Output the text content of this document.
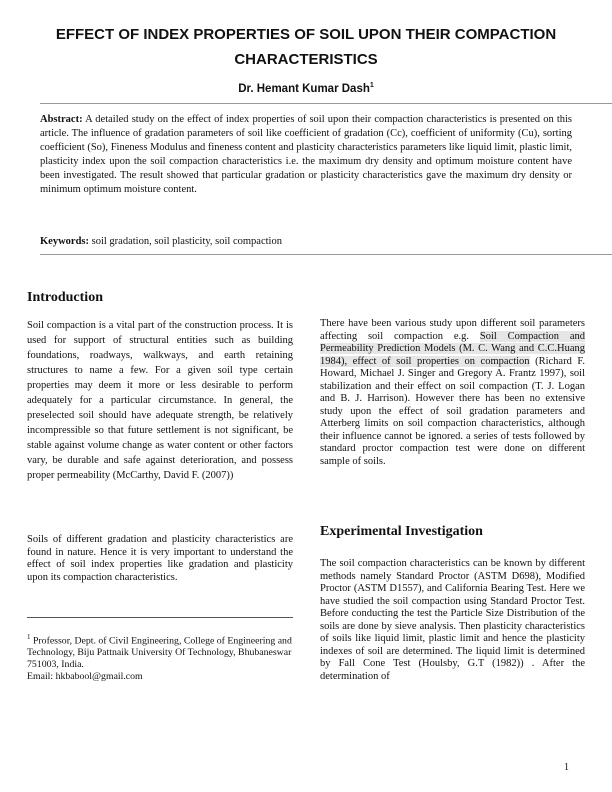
EFFECT OF INDEX PROPERTIES OF SOIL UPON THEIR COMPACTION CHARACTERISTICS
Dr. Hemant Kumar Dash$^1$
Abstract: A detailed study on the effect of index properties of soil upon their compaction characteristics is presented on this article. The influence of gradation parameters of soil like coefficient of gradation (Cc), coefficient of uniformity (Cu), sorting coefficient (So), Fineness Modulus and fineness content and plasticity characteristics parameters like liquid limit, plastic limit, plasticity index upon the soil compaction characteristics i.e. the maximum dry density and optimum moisture content have been investigated. The result showed that particular gradation or plasticity characteristics gave the maximum dry density or minimum optimum moisture content.
Keywords: soil gradation, soil plasticity, soil compaction
Introduction

Soil compaction is a vital part of the construction process. It is used for support of structural entities such as building foundations, roadways, walkways, and earth retaining structures to name a few. For a given soil type certain properties may deem it more or less desirable to perform adequately for a particular circumstance. In general, the preselected soil should have adequate strength, be relatively incompressible so that future settlement is not significant, be stable against volume change as water content or other factors vary, be durable and safe against deterioration, and possess proper permeability (McCarthy, David F. (2007))

Soils of different gradation and plasticity characteristics are found in nature. Hence it is very important to understand the effect of soil index properties like gradation and plasticity upon its compaction characteristics.

$^1$ Professor, Dept. of Civil Engineering, College of Engineering and Technology, Biju Pattnaik University Of Technology, Bhubaneswar 751003, India.
Email: hkbabool@gmail.com

There have been various study upon different soil parameters affecting soil compaction e.g. Soil Compaction and Permeability Prediction Models (M. C. Wang and C.C.Huang 1984), effect of soil properties on compaction (Richard F. Howard, Michael J. Singer and Gregory A. Frantz 1997), soil stabilization and their effect on soil compaction (T. J. Logan and B. J. Harrison). However there has been no extensive study upon the effect of soil gradation parameters and Atterberg limits on soil compaction characteristics, although their influence cannot be ignored. a series of tests followed by standard proctor compaction test were done on different sample of soils.

Experimental Investigation

The soil compaction characteristics can be known by different methods namely Standard Proctor (ASTM D698), Modified Proctor (ASTM D1557), and California Bearing Test. Here we have studied the soil compaction using Standard Proctor Test. Before conducting the test the Particle Size Distribution of the soils are done by sieve analysis. Then plasticity characteristics of soils like liquid limit, plastic limit and hence the plasticity indexes of soil are determined. The liquid limit is determined by Fall Cone Test (Houlsby, G.T (1982)) . After the determination of

1
